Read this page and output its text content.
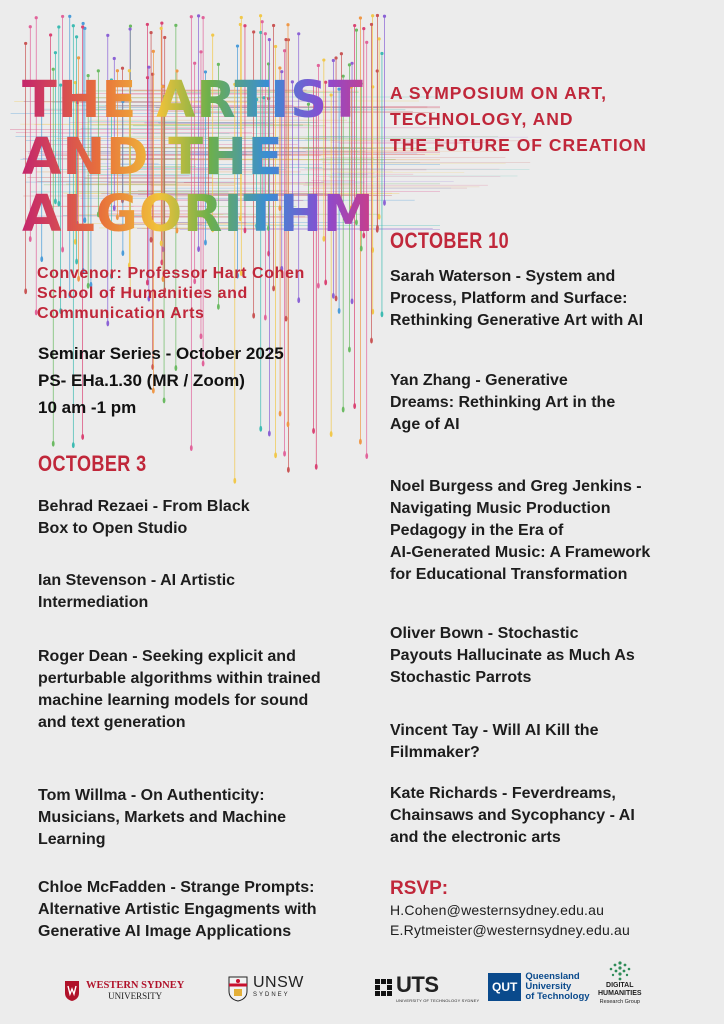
THE ARTIST
AND THE
ALGORITHM
A SYMPOSIUM ON ART,
TECHNOLOGY, AND
THE FUTURE OF CREATION
Convenor: Professor Hart Cohen
School of Humanities and
Communication Arts
Seminar Series - October 2025
PS- EHa.1.30 (MR / Zoom)
10 am -1 pm
OCTOBER 3
Behrad Rezaei - From Black
Box to Open Studio
Ian Stevenson - AI Artistic
Intermediation
Roger Dean - Seeking explicit and
perturbable algorithms within trained
machine learning models for sound
and text generation
Tom Willma - On Authenticity:
Musicians, Markets and Machine
Learning
Chloe McFadden - Strange Prompts:
Alternative Artistic Engagments with
Generative AI Image Applications
OCTOBER 10
Sarah Waterson - System and
Process, Platform and Surface:
Rethinking Generative Art with AI
Yan Zhang - Generative
Dreams: Rethinking Art in the
Age of AI
Noel Burgess and Greg Jenkins -
Navigating Music Production
Pedagogy in the Era of
AI-Generated Music: A Framework
for Educational Transformation
Oliver Bown - Stochastic
Payouts Hallucinate as Much As
Stochastic Parrots
Vincent Tay - Will AI Kill the
Filmmaker?
Kate Richards - Feverdreams,
Chainsaws and Sycophancy - AI
and the electronic arts
RSVP:
H.Cohen@westernsydney.edu.au
E.Rytmeister@westernsydney.edu.au
WESTERN SYDNEY
UNIVERSITY
UNSW
SYDNEY	UTS
UNIVERSITY OF TECHNOLOGY SYDNEY
QUT
Queensland
University
of Technology
DIGITAL
HUMANITIES
Research Group
